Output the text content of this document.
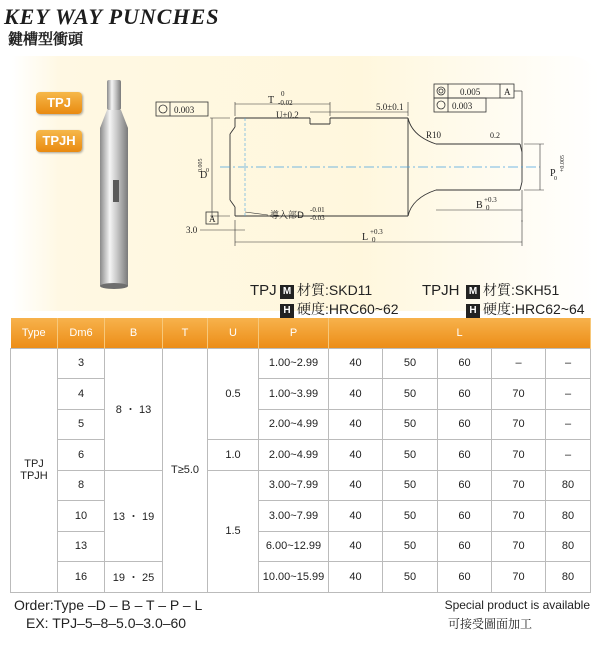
KEY WAY PUNCHES
鍵槽型衝頭
TPJ
TPJH
0.003
0.005	A
0.003
T
0
-0.02
U±0.2
5.0±0.1
R10	0.2
D
0.005 0	P
+0.005
0
B +0.3
0
A	導入部D
-0.01
-0.03
3.0
L +0.3
0
TPJ M 材質:SKD11
H 硬度:HRC60~62
TPJH M 材質:SKH51
H 硬度:HRC62~64
Type	Dm6	B	T	U	P	L				
TPJ
TPJH	3	8 ・ 13	T≥5.0	0.5	1.00~2.99	40	50	60	–	–
	4				1.00~3.99	40	50	60	70	–
	5				2.00~4.99	40	50	60	70	–
	6			1.0	2.00~4.99	40	50	60	70	–
	8	13 ・ 19		1.5	3.00~7.99	40	50	60	70	80
	10				3.00~7.99	40	50	60	70	80
	13				6.00~12.99	40	50	60	70	80
	16	19 ・ 25			10.00~15.99	40	50	60	70	80
Order:Type –D – B – T – P – L
EX: TPJ–5–8–5.0–3.0–60
Special product is available
可接受圖面加工
